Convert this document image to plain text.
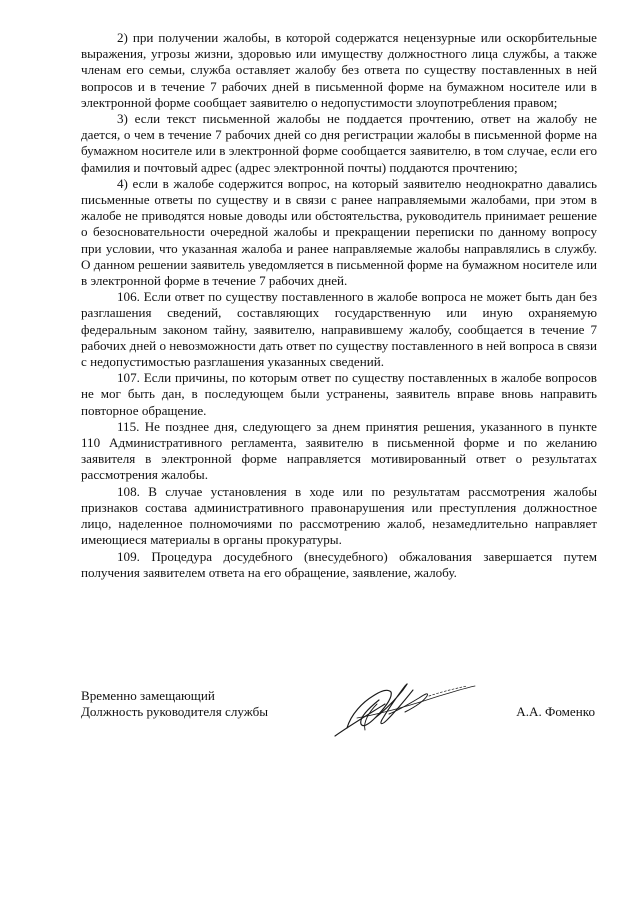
2) при получении жалобы, в которой содержатся нецензурные или оскорбительные выражения, угрозы жизни, здоровью или имуществу должностного лица службы, а также членам его семьи, служба оставляет жалобу без ответа по существу поставленных в ней вопросов и в течение 7 рабочих дней в письменной форме на бумажном носителе или в электронной форме сообщает заявителю о недопустимости злоупотребления правом;

3) если текст письменной жалобы не поддается прочтению, ответ на жалобу не дается, о чем в течение 7 рабочих дней со дня регистрации жалобы в письменной форме на бумажном носителе или в электронной форме сообщается заявителю, в том случае, если его фамилия и почтовый адрес (адрес электронной почты) поддаются прочтению;

4) если в жалобе содержится вопрос, на который заявителю неоднократно давались письменные ответы по существу и в связи с ранее направляемыми жалобами, при этом в жалобе не приводятся новые доводы или обстоятельства, руководитель принимает решение о безосновательности очередной жалобы и прекращении переписки по данному вопросу при условии, что указанная жалоба и ранее направляемые жалобы направлялись в службу. О данном решении заявитель уведомляется в письменной форме на бумажном носителе или в электронной форме в течение 7 рабочих дней.

106. Если ответ по существу поставленного в жалобе вопроса не может быть дан без разглашения сведений, составляющих государственную или иную охраняемую федеральным законом тайну, заявителю, направившему жалобу, сообщается в течение 7 рабочих дней о невозможности дать ответ по существу поставленного в ней вопроса в связи с недопустимостью разглашения указанных сведений.

107. Если причины, по которым ответ по существу поставленных в жалобе вопросов не мог быть дан, в последующем были устранены, заявитель вправе вновь направить повторное обращение.

115. Не позднее дня, следующего за днем принятия решения, указанного в пункте 110 Административного регламента, заявителю в письменной форме и по желанию заявителя в электронной форме направляется мотивированный ответ о результатах рассмотрения жалобы.

108. В случае установления в ходе или по результатам рассмотрения жалобы признаков состава административного правонарушения или преступления должностное лицо, наделенное полномочиями по рассмотрению жалоб, незамедлительно направляет имеющиеся материалы в органы прокуратуры.

109. Процедура досудебного (внесудебного) обжалования завершается путем получения заявителем ответа на его обращение, заявление, жалобу.

Временно замещающий
Должность руководителя службы	А.А. Фоменко
